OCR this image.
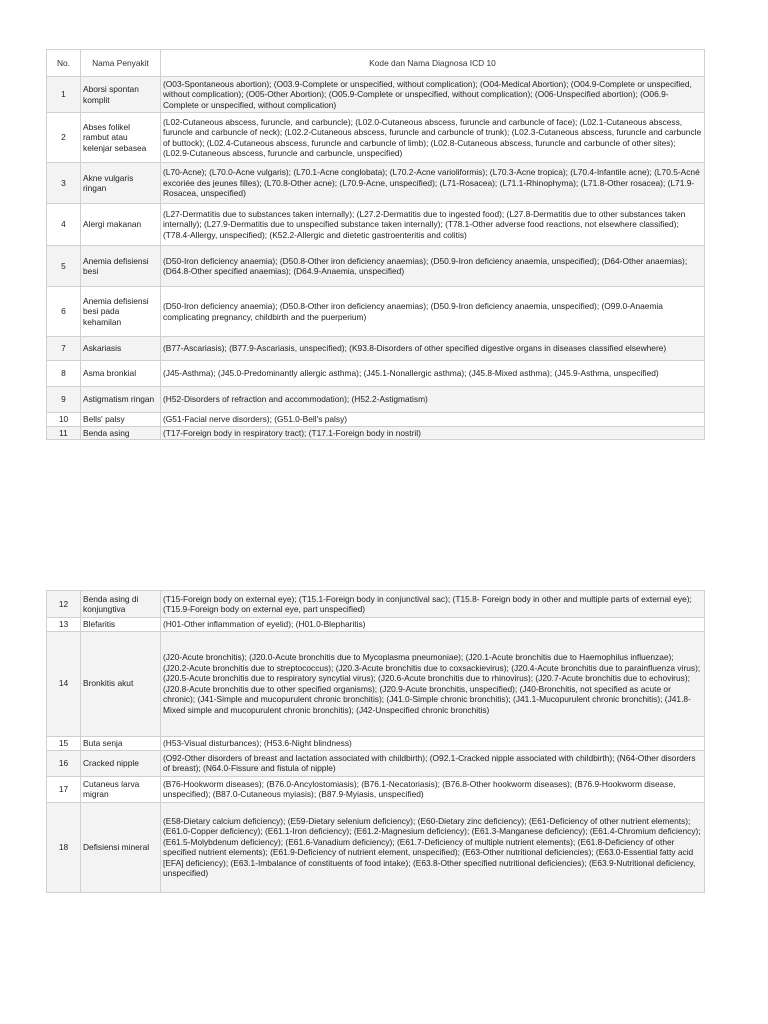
No.	Nama Penyakit	Kode dan Nama Diagnosa ICD 10
1	Aborsi spontan komplit	(O03-Spontaneous abortion); (O03.9-Complete or unspecified, without complication); (O04-Medical Abortion); (O04.9-Complete or unspecified, without complication); (O05-Other Abortion); (O05.9-Complete or unspecified, without complication); (O06-Unspecified abortion); (O06.9-Complete or unspecified, without complication)
2	Abses folikel rambut atau kelenjar sebasea	(L02-Cutaneous abscess, furuncle, and carbuncle); (L02.0-Cutaneous abscess, furuncle and carbuncle of face); (L02.1-Cutaneous abscess, furuncle and carbuncle of neck); (L02.2-Cutaneous abscess, furuncle and carbuncle of trunk); (L02.3-Cutaneous abscess, furuncle and carbuncle of buttock); (L02.4-Cutaneous abscess, furuncle and carbuncle of limb); (L02.8-Cutaneous abscess, furuncle and carbuncle of other sites); (L02.9-Cutaneous abscess, furuncle and carbuncle, unspecified)
3	Akne vulgaris ringan	(L70-Acne); (L70.0-Acne vulgaris); (L70.1-Acne conglobata); (L70.2-Acne varioliformis); (L70.3-Acne tropica); (L70.4-Infantile acne); (L70.5-Acné excoriée des jeunes filles); (L70.8-Other acne); (L70.9-Acne, unspecified); (L71-Rosacea); (L71.1-Rhinophyma); (L71.8-Other rosacea); (L71.9-Rosacea, unspecified)
4	Alergi makanan	(L27-Dermatitis due to substances taken internally); (L27.2-Dermatitis due to ingested food); (L27.8-Dermatitis due to other substances taken internally); (L27.9-Dermatitis due to unspecified substance taken internally); (T78.1-Other adverse food reactions, not elsewhere classified); (T78.4-Allergy, unspecified); (K52.2-Allergic and dietetic gastroenteritis and colitis)
5	Anemia defisiensi besi	(D50-Iron deficiency anaemia); (D50.8-Other iron deficiency anaemias); (D50.9-Iron deficiency anaemia, unspecified); (D64-Other anaemias); (D64.8-Other specified anaemias); (D64.9-Anaemia, unspecified)
6	Anemia defisiensi besi pada kehamilan	(D50-Iron deficiency anaemia); (D50.8-Other iron deficiency anaemias); (D50.9-Iron deficiency anaemia, unspecified); (O99.0-Anaemia complicating pregnancy, childbirth and the puerperium)
7	Askariasis	(B77-Ascariasis); (B77.9-Ascariasis, unspecified); (K93.8-Disorders of other specified digestive organs in diseases classified elsewhere)
8	Asma bronkial	(J45-Asthma); (J45.0-Predominantly allergic asthma); (J45.1-Nonallergic asthma); (J45.8-Mixed asthma); (J45.9-Asthma, unspecified)
9	Astigmatism ringan	(H52-Disorders of refraction and accommodation); (H52.2-Astigmatism)
10	Bells' palsy	(G51-Facial nerve disorders); (G51.0-Bell's palsy)
11	Benda asing	(T17-Foreign body in respiratory tract); (T17.1-Foreign body in nostril)
12	Benda asing di konjungtiva	(T15-Foreign body on external eye); (T15.1-Foreign body in conjunctival sac); (T15.8- Foreign body in other and multiple parts of external eye); (T15.9-Foreign body on external eye, part unspecified)
13	Blefaritis	(H01-Other inflammation of eyelid); (H01.0-Blepharitis)
14	Bronkitis akut	(J20-Acute bronchitis); (J20.0-Acute bronchitis due to Mycoplasma pneumoniae); (J20.1-Acute bronchitis due to Haemophilus influenzae); (J20.2-Acute bronchitis due to streptococcus); (J20.3-Acute bronchitis due to coxsackievirus); (J20.4-Acute bronchitis due to parainfluenza virus); (J20.5-Acute bronchitis due to respiratory syncytial virus); (J20.6-Acute bronchitis due to rhinovirus); (J20.7-Acute bronchitis due to echovirus); (J20.8-Acute bronchitis due to other specified organisms); (J20.9-Acute bronchitis, unspecified); (J40-Bronchitis, not specified as acute or chronic); (J41-Simple and mucopurulent chronic bronchitis); (J41.0-Simple chronic bronchitis); (J41.1-Mucopurulent chronic bronchitis); (J41.8-Mixed simple and mucopurulent chronic bronchitis); (J42-Unspecified chronic bronchitis)
15	Buta senja	(H53-Visual disturbances); (H53.6-Night blindness)
16	Cracked nipple	(O92-Other disorders of breast and lactation associated with childbirth); (O92.1-Cracked nipple associated with childbirth); (N64-Other disorders of breast); (N64.0-Fissure and fistula of nipple)
17	Cutaneus larva migran	(B76-Hookworm diseases); (B76.0-Ancylostomiasis); (B76.1-Necatoriasis); (B76.8-Other hookworm diseases); (B76.9-Hookworm disease, unspecified); (B87.0-Cutaneous myiasis); (B87.9-Myiasis, unspecified)
18	Defisiensi mineral	(E58-Dietary calcium deficiency); (E59-Dietary selenium deficiency); (E60-Dietary zinc deficiency); (E61-Deficiency of other nutrient elements); (E61.0-Copper deficiency); (E61.1-Iron deficiency); (E61.2-Magnesium deficiency); (E61.3-Manganese deficiency); (E61.4-Chromium deficiency); (E61.5-Molybdenum deficiency); (E61.6-Vanadium deficiency); (E61.7-Deficiency of multiple nutrient elements); (E61.8-Deficiency of other specified nutrient elements); (E61.9-Deficiency of nutrient element, unspecified); (E63-Other nutritional deficiencies); (E63.0-Essential fatty acid [EFA] deficiency); (E63.1-Imbalance of constituents of food intake); (E63.8-Other specified nutritional deficiencies); (E63.9-Nutritional deficiency, unspecified)
